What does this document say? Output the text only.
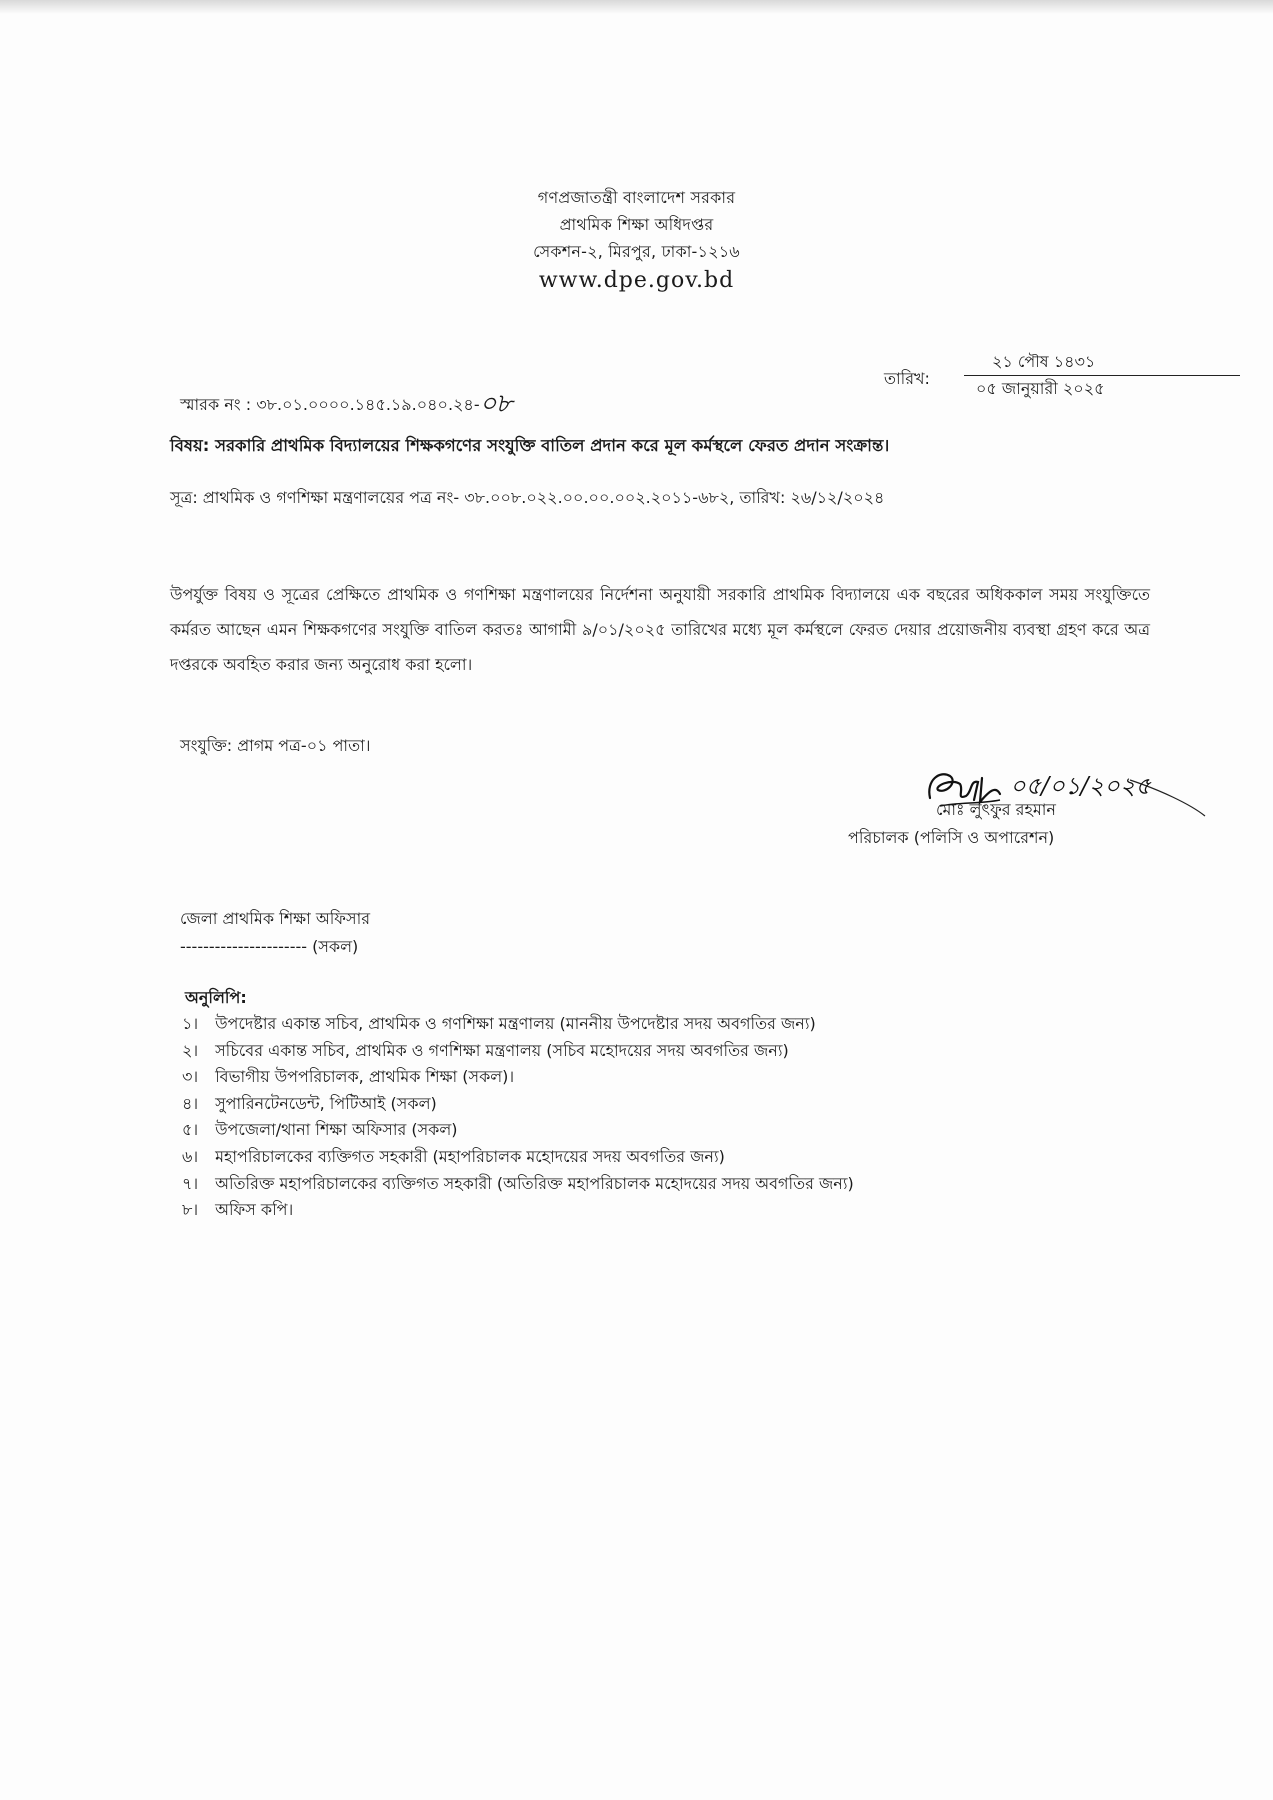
গণপ্রজাতন্ত্রী বাংলাদেশ সরকার
প্রাথমিক শিক্ষা অধিদপ্তর
সেকশন-২, মিরপুর, ঢাকা-১২১৬
www.dpe.gov.bd
তারিখ:
২১ পৌষ ১৪৩১
০৫ জানুয়ারী ২০২৫
স্মারক নং : ৩৮.০১.০০০০.১৪৫.১৯.০৪০.২৪-০৮
বিষয়: সরকারি প্রাথমিক বিদ্যালয়ের শিক্ষকগণের সংযুক্তি বাতিল প্রদান করে মূল কর্মস্থলে ফেরত প্রদান সংক্রান্ত।
সূত্র: প্রাথমিক ও গণশিক্ষা মন্ত্রণালয়ের পত্র নং- ৩৮.০০৮.০২২.০০.০০.০০২.২০১১-৬৮২, তারিখ: ২৬/১২/২০২৪
উপর্যুক্ত বিষয় ও সূত্রের প্রেক্ষিতে প্রাথমিক ও গণশিক্ষা মন্ত্রণালয়ের নির্দেশনা অনুযায়ী সরকারি প্রাথমিক বিদ্যালয়ে এক বছরের অধিককাল সময় সংযুক্তিতে কর্মরত আছেন এমন শিক্ষকগণের সংযুক্তি বাতিল করতঃ আগামী ৯/০১/২০২৫ তারিখের মধ্যে মূল কর্মস্থলে ফেরত দেয়ার প্রয়োজনীয় ব্যবস্থা গ্রহণ করে অত্র দপ্তরকে অবহিত করার জন্য অনুরোধ করা হলো।
সংযুক্তি: প্রাগম পত্র-০১ পাতা।
০৫/০১/২০২৫
মোঃ লুৎফুর রহমান
পরিচালক (পলিসি ও অপারেশন)
জেলা প্রাথমিক শিক্ষা অফিসার
---------------------- (সকল)
অনুলিপি:
১। উপদেষ্টার একান্ত সচিব, প্রাথমিক ও গণশিক্ষা মন্ত্রণালয় (মাননীয় উপদেষ্টার সদয় অবগতির জন্য)
২। সচিবের একান্ত সচিব, প্রাথমিক ও গণশিক্ষা মন্ত্রণালয় (সচিব মহোদয়ের সদয় অবগতির জন্য)
৩। বিভাগীয় উপপরিচালক, প্রাথমিক শিক্ষা (সকল)।
৪। সুপারিনটেনডেন্ট, পিটিআই (সকল)
৫। উপজেলা/থানা শিক্ষা অফিসার (সকল)
৬। মহাপরিচালকের ব্যক্তিগত সহকারী (মহাপরিচালক মহোদয়ের সদয় অবগতির জন্য)
৭। অতিরিক্ত মহাপরিচালকের ব্যক্তিগত সহকারী (অতিরিক্ত মহাপরিচালক মহোদয়ের সদয় অবগতির জন্য)
৮। অফিস কপি।
